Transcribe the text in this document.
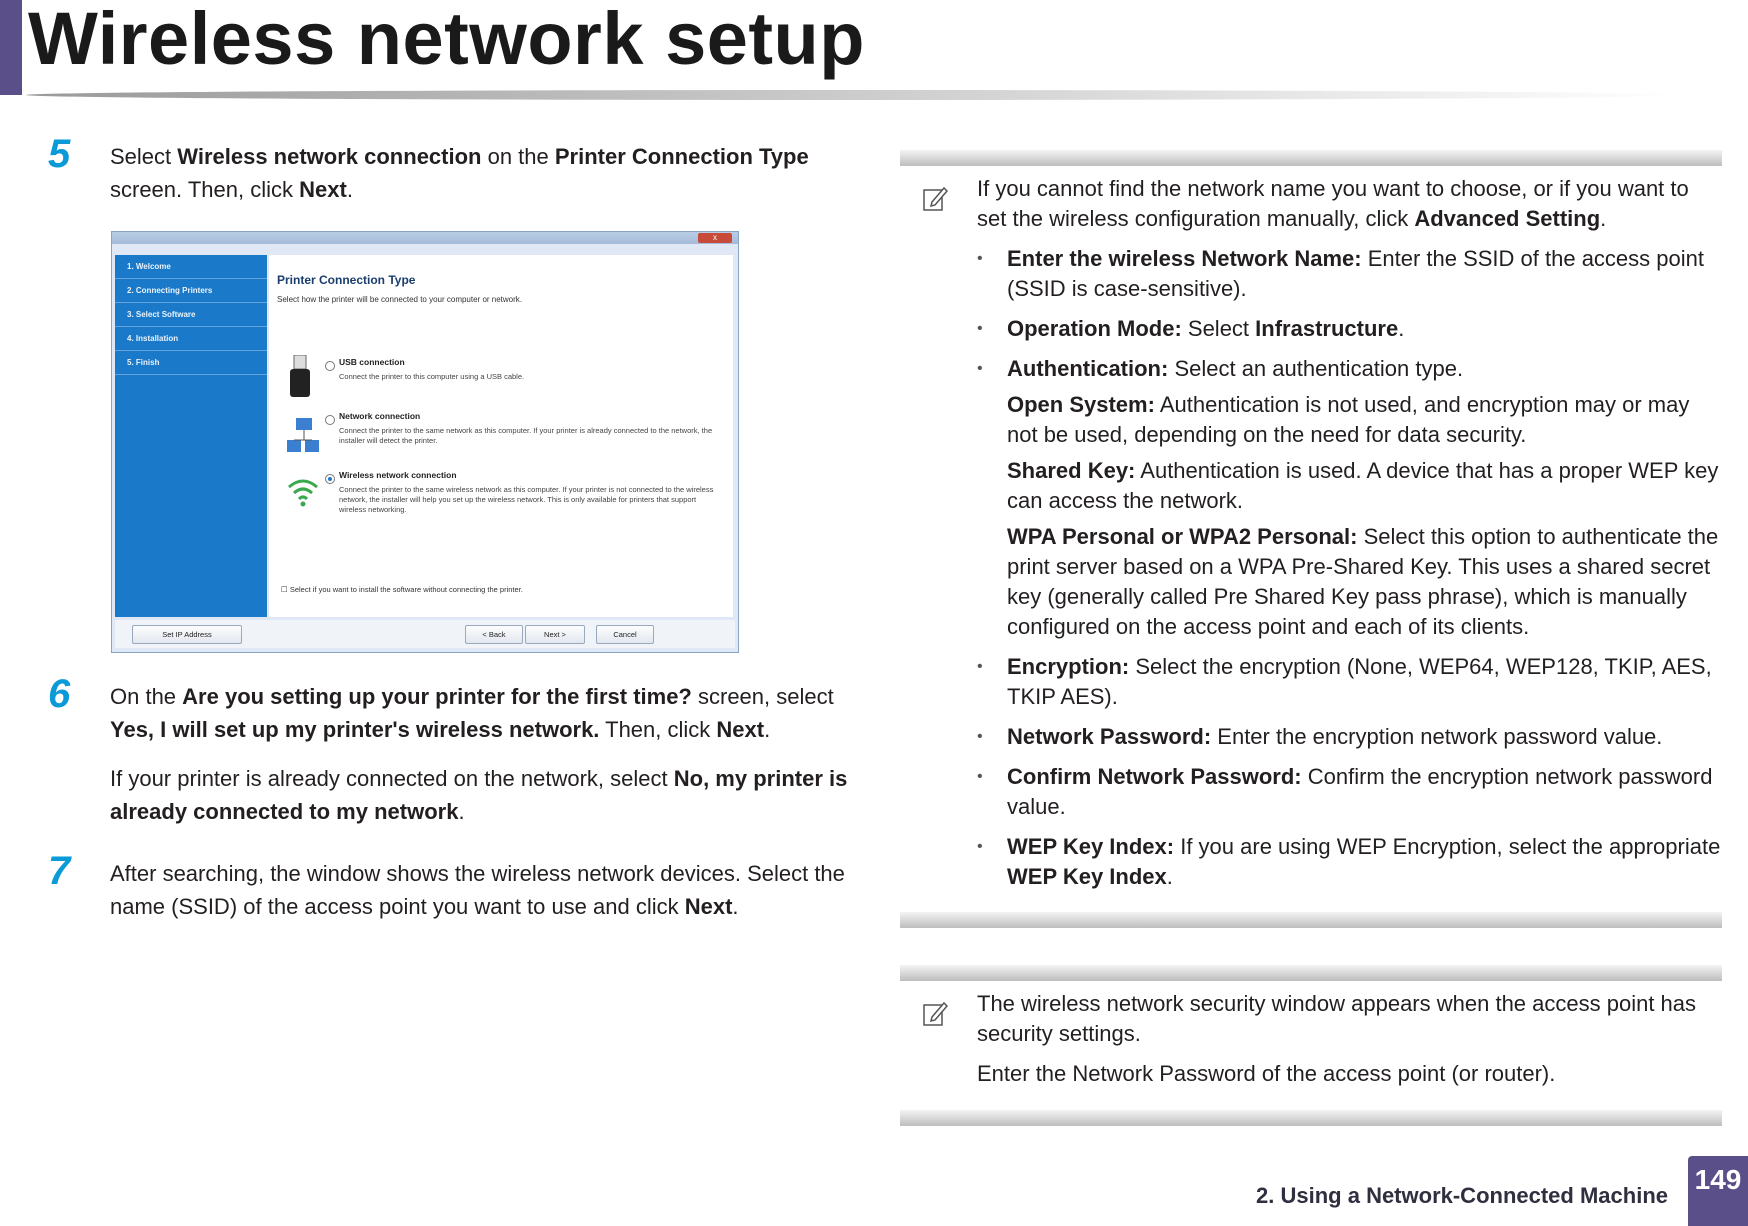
Wireless network setup
5 Select Wireless network connection on the Printer Connection Type screen. Then, click Next.

x
1. Welcome
2. Connecting Printers
3. Select Software
4. Installation
5. Finish
Printer Connection Type
Select how the printer will be connected to your computer or network.
USB connection
Connect the printer to this computer using a USB cable.
Network connection
Connect the printer to the same network as this computer. If your printer is already connected to the network, the installer will detect the printer.
Wireless network connection
Connect the printer to the same wireless network as this computer. If your printer is not connected to the wireless network, the installer will help you set up the wireless network. This is only available for printers that support wireless networking.
☐ Select if you want to install the software without connecting the printer.
Set IP Address	< Back	Next >	Cancel
6 On the Are you setting up your printer for the first time? screen, select Yes, I will set up my printer's wireless network. Then, click Next.

If your printer is already connected on the network, select No, my printer is already connected to my network.

7 After searching, the window shows the wireless network devices. Select the name (SSID) of the access point you want to use and click Next.

If you cannot find the network name you want to choose, or if you want to set the wireless configuration manually, click Advanced Setting.

• Enter the wireless Network Name: Enter the SSID of the access point (SSID is case-sensitive).
• Operation Mode: Select Infrastructure.
• Authentication: Select an authentication type.
Open System: Authentication is not used, and encryption may or may not be used, depending on the need for data security.
Shared Key: Authentication is used. A device that has a proper WEP key can access the network.
WPA Personal or WPA2 Personal: Select this option to authenticate the print server based on a WPA Pre-Shared Key. This uses a shared secret key (generally called Pre Shared Key pass phrase), which is manually configured on the access point and each of its clients.
• Encryption: Select the encryption (None, WEP64, WEP128, TKIP, AES, TKIP AES).
• Network Password: Enter the encryption network password value.
• Confirm Network Password: Confirm the encryption network password value.
• WEP Key Index: If you are using WEP Encryption, select the appropriate WEP Key Index.

The wireless network security window appears when the access point has security settings.

Enter the Network Password of the access point (or router).

2. Using a Network-Connected Machine
149
